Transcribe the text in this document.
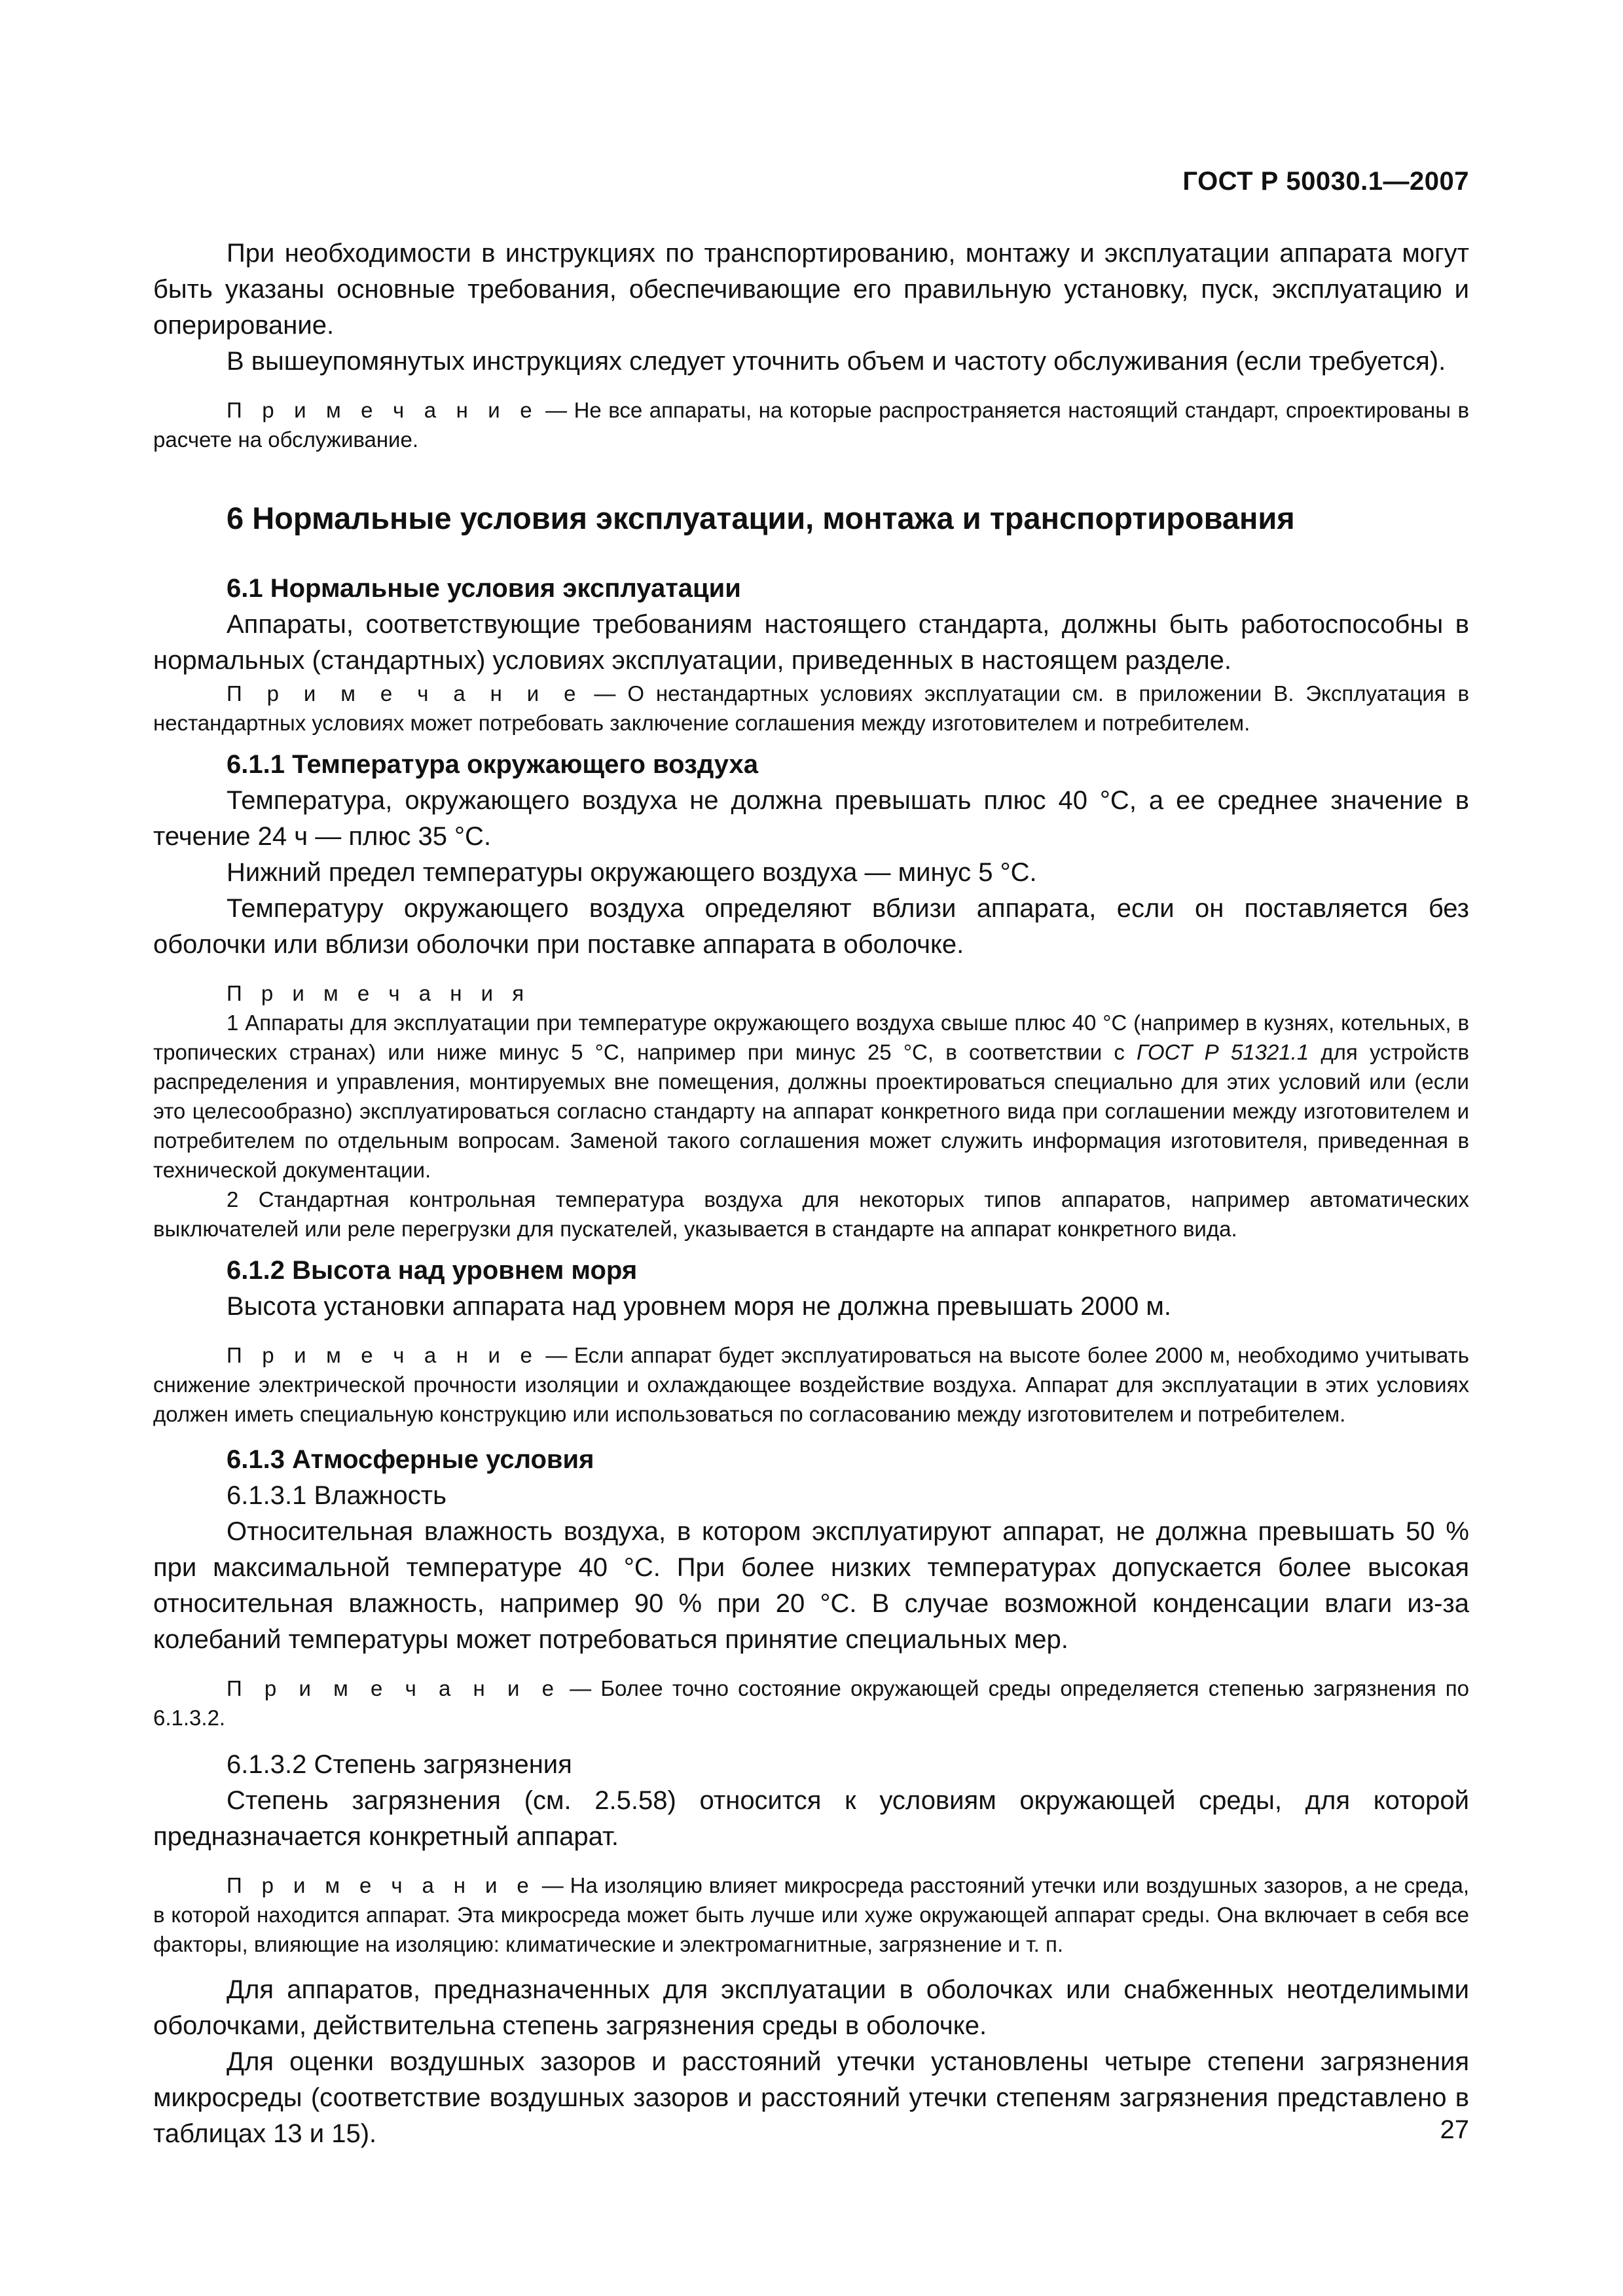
ГОСТ Р 50030.1—2007

При необходимости в инструкциях по транспортированию, монтажу и эксплуатации аппарата могут быть указаны основные требования, обеспечивающие его правильную установку, пуск, эксплуатацию и оперирование.

В вышеупомянутых инструкциях следует уточнить объем и частоту обслуживания (если требуется).

П р и м е ч а н и е — Не все аппараты, на которые распространяется настоящий стандарт, спроектированы в расчете на обслуживание.

6 Нормальные условия эксплуатации, монтажа и транспортирования
6.1 Нормальные условия эксплуатации

Аппараты, соответствующие требованиям настоящего стандарта, должны быть работоспособны в нормальных (стандартных) условиях эксплуатации, приведенных в настоящем разделе.

П р и м е ч а н и е — О нестандартных условиях эксплуатации см. в приложении В. Эксплуатация в нестандартных условиях может потребовать заключение соглашения между изготовителем и потребителем.

6.1.1 Температура окружающего воздуха

Температура, окружающего воздуха не должна превышать плюс 40 °С, а ее среднее значение в течение 24 ч — плюс 35 °С.

Нижний предел температуры окружающего воздуха — минус 5 °С.

Температуру окружающего воздуха определяют вблизи аппарата, если он поставляется без оболочки или вблизи оболочки при поставке аппарата в оболочке.

П р и м е ч а н и я

1 Аппараты для эксплуатации при температуре окружающего воздуха свыше плюс 40 °С (например в кузнях, котельных, в тропических странах) или ниже минус 5 °С, например при минус 25 °С, в соответствии с ГОСТ Р 51321.1 для устройств распределения и управления, монтируемых вне помещения, должны проектироваться специально для этих условий или (если это целесообразно) эксплуатироваться согласно стандарту на аппарат конкретного вида при соглашении между изготовителем и потребителем по отдельным вопросам. Заменой такого соглашения может служить информация изготовителя, приведенная в технической документации.

2 Стандартная контрольная температура воздуха для некоторых типов аппаратов, например автоматических выключателей или реле перегрузки для пускателей, указывается в стандарте на аппарат конкретного вида.

6.1.2 Высота над уровнем моря

Высота установки аппарата над уровнем моря не должна превышать 2000 м.

П р и м е ч а н и е — Если аппарат будет эксплуатироваться на высоте более 2000 м, необходимо учитывать снижение электрической прочности изоляции и охлаждающее воздействие воздуха. Аппарат для эксплуатации в этих условиях должен иметь специальную конструкцию или использоваться по согласованию между изготовителем и потребителем.

6.1.3 Атмосферные условия
6.1.3.1 Влажность

Относительная влажность воздуха, в котором эксплуатируют аппарат, не должна превышать 50 % при максимальной температуре 40 °С. При более низких температурах допускается более высокая относительная влажность, например 90 % при 20 °С. В случае возможной конденсации влаги из-за колебаний температуры может потребоваться принятие специальных мер.

П р и м е ч а н и е — Более точно состояние окружающей среды определяется степенью загрязнения по 6.1.3.2.

6.1.3.2 Степень загрязнения

Степень загрязнения (см. 2.5.58) относится к условиям окружающей среды, для которой предназначается конкретный аппарат.

П р и м е ч а н и е — На изоляцию влияет микросреда расстояний утечки или воздушных зазоров, а не среда, в которой находится аппарат. Эта микросреда может быть лучше или хуже окружающей аппарат среды. Она включает в себя все факторы, влияющие на изоляцию: климатические и электромагнитные, загрязнение и т. п.

Для аппаратов, предназначенных для эксплуатации в оболочках или снабженных неотделимыми оболочками, действительна степень загрязнения среды в оболочке.

Для оценки воздушных зазоров и расстояний утечки установлены четыре степени загрязнения микросреды (соответствие воздушных зазоров и расстояний утечки степеням загрязнения представлено в таблицах 13 и 15).	27
